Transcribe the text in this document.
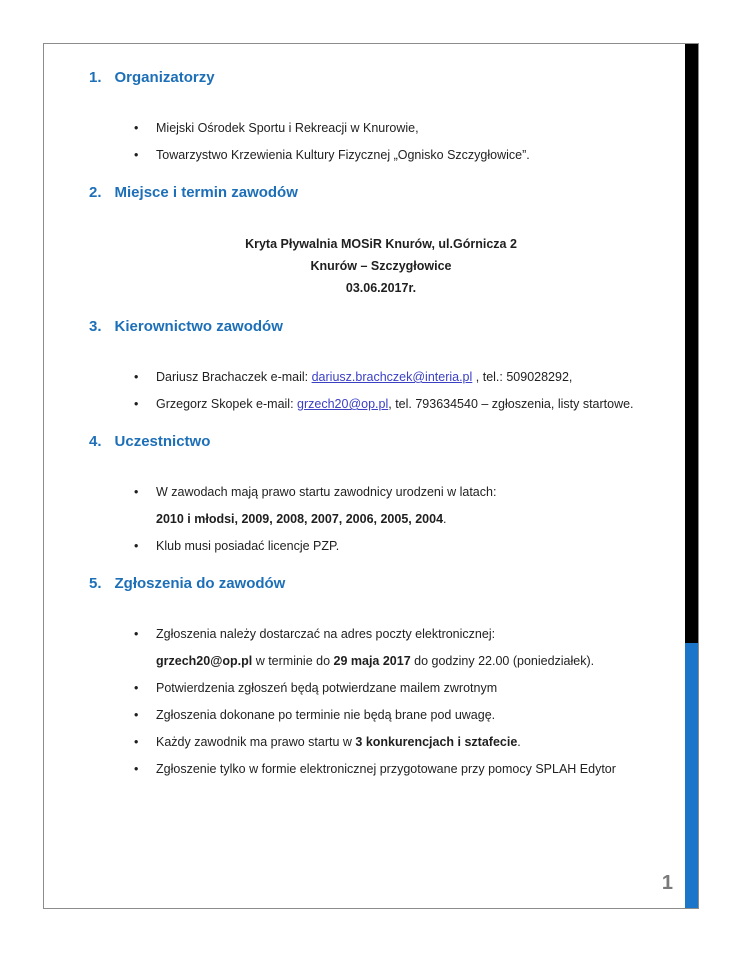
1. Organizatorzy
• Miejski Ośrodek Sportu i Rekreacji w Knurowie,
• Towarzystwo Krzewienia Kultury Fizycznej „Ognisko Szczygłowice”.
2. Miejsce i termin zawodów
Kryta Pływalnia MOSiR Knurów, ul.Górnicza 2
Knurów – Szczygłowice
03.06.2017r.
3. Kierownictwo zawodów
• Dariusz Brachaczek e-mail: dariusz.brachczek@interia.pl , tel.: 509028292,
• Grzegorz Skopek e-mail: grzech20@op.pl, tel. 793634540 – zgłoszenia, listy startowe.
4. Uczestnictwo
• W zawodach mają prawo startu zawodnicy urodzeni w latach:
2010 i młodsi, 2009, 2008, 2007, 2006, 2005, 2004.
• Klub musi posiadać licencje PZP.
5. Zgłoszenia do zawodów
• Zgłoszenia należy dostarczać na adres poczty elektronicznej:
grzech20@op.pl w terminie do 29 maja 2017 do godziny 22.00 (poniedziałek).
• Potwierdzenia zgłoszeń będą potwierdzane mailem zwrotnym
• Zgłoszenia dokonane po terminie nie będą brane pod uwagę.
• Każdy zawodnik ma prawo startu w 3 konkurencjach i sztafecie.
• Zgłoszenie tylko w formie elektronicznej przygotowane przy pomocy SPLAH Edytor
1
